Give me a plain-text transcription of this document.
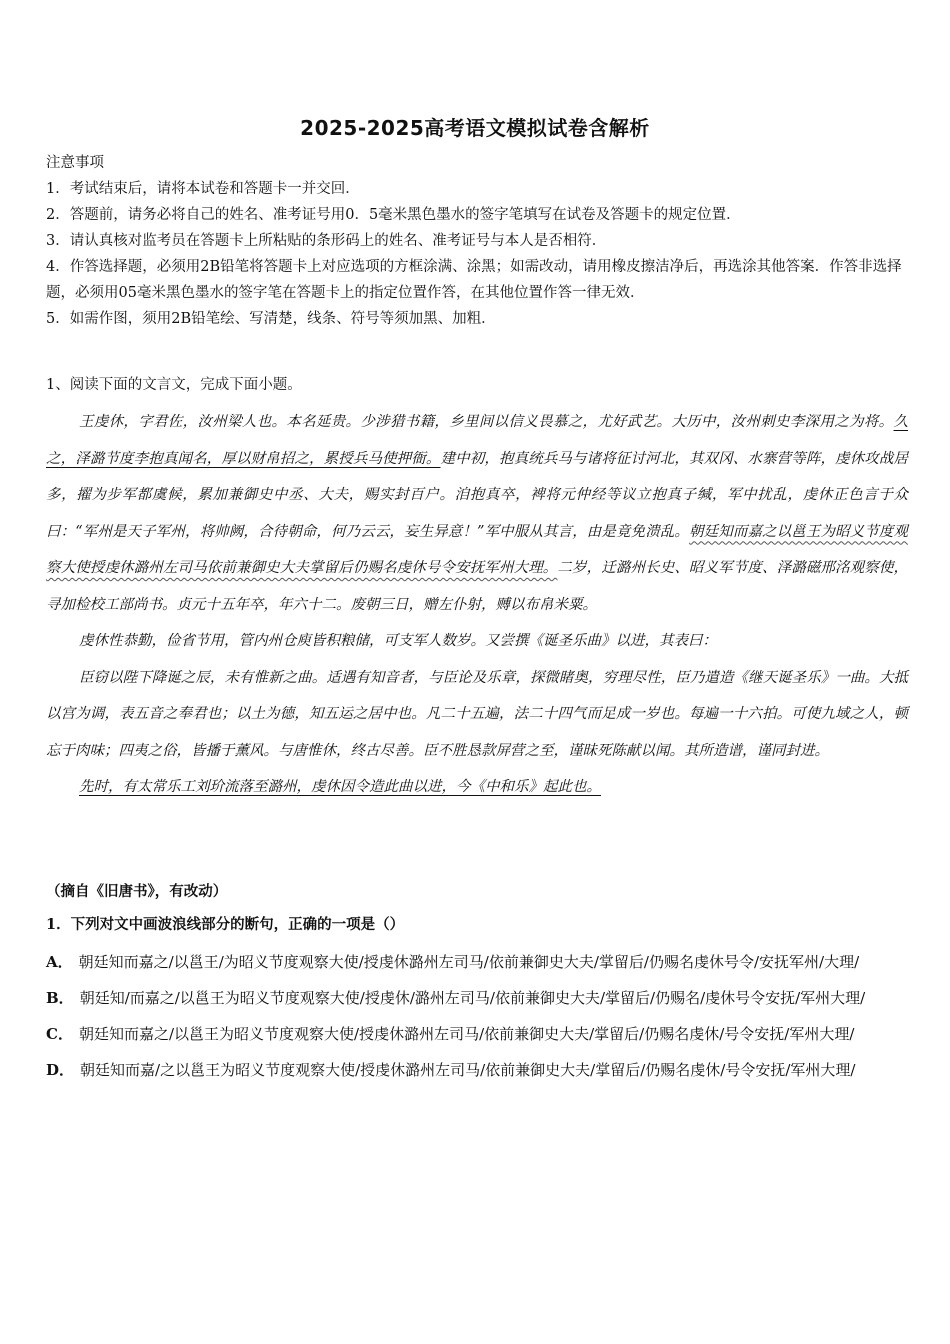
2025-2025高考语文模拟试卷含解析
注意事项
1．考试结束后，请将本试卷和答题卡一并交回．
2．答题前，请务必将自己的姓名、准考证号用0．5毫米黑色墨水的签字笔填写在试卷及答题卡的规定位置．
3．请认真核对监考员在答题卡上所粘贴的条形码上的姓名、准考证号与本人是否相符．
4．作答选择题，必须用2B铅笔将答题卡上对应选项的方框涂满、涂黑；如需改动，请用橡皮擦洁净后，再选涂其他答案．作答非选择题，必须用05毫米黑色墨水的签字笔在答题卡上的指定位置作答，在其他位置作答一律无效．
5．如需作图，须用2B铅笔绘、写清楚，线条、符号等须加黑、加粗．
1、阅读下面的文言文，完成下面小题。

王虔休，字君佐，汝州梁人也。本名延贵。少涉猎书籍，乡里间以信义畏慕之，尤好武艺。大历中，汝州刺史李深用之为将。久之，泽潞节度李抱真闻名，厚以财帛招之，累授兵马使押衙。建中初，抱真统兵马与诸将征讨河北，其双冈、水寨营等阵，虔休攻战居多，擢为步军都虞候，累加兼御史中丞、大夫，赐实封百户。洎抱真卒，裨将元仲经等议立抱真子缄，军中扰乱，虔休正色言于众曰：“军州是天子军州，将帅阙，合待朝命，何乃云云，妄生异意！”军中服从其言，由是竟免溃乱。朝廷知而嘉之以邕王为昭义节度观察大使授虔休潞州左司马依前兼御史大夫掌留后仍赐名虔休号令安抚军州大理。二岁，迁潞州长史、昭义军节度、泽潞磁邢洺观察使，寻加检校工部尚书。贞元十五年卒，年六十二。废朝三日，赠左仆射，赙以布帛米粟。

虔休性恭勤，俭省节用，管内州仓庾皆积粮储，可支军人数岁。又尝撰《诞圣乐曲》以进，其表曰：

臣窃以陛下降诞之辰，未有惟新之曲。适遇有知音者，与臣论及乐章，探微睹奥，穷理尽性，臣乃遣造《继天诞圣乐》一曲。大抵以宫为调，表五音之奉君也；以土为德，知五运之居中也。凡二十五遍，法二十四气而足成一岁也。每遍一十六拍。可使九域之人，顿忘于肉味；四夷之俗，皆播于薰风。与唐惟休，终古尽善。臣不胜恳款屏营之至，谨昧死陈献以闻。其所造谱，谨同封进。

先时，有太常乐工刘玠流落至潞州，虔休因令造此曲以进，今《中和乐》起此也。

（摘自《旧唐书》，有改动）
1．下列对文中画波浪线部分的断句，正确的一项是（）

A． 朝廷知而嘉之/以邕王/为昭义节度观察大使/授虔休潞州左司马/依前兼御史大夫/掌留后/仍赐名虔休号令/安抚军州/大理/

B． 朝廷知/而嘉之/以邕王为昭义节度观察大使/授虔休/潞州左司马/依前兼御史大夫/掌留后/仍赐名/虔休号令安抚/军州大理/

C． 朝廷知而嘉之/以邕王为昭义节度观察大使/授虔休潞州左司马/依前兼御史大夫/掌留后/仍赐名虔休/号令安抚/军州大理/

D． 朝廷知而嘉/之以邕王为昭义节度观察大使/授虔休潞州左司马/依前兼御史大夫/掌留后/仍赐名虔休/号令安抚/军州大理/
